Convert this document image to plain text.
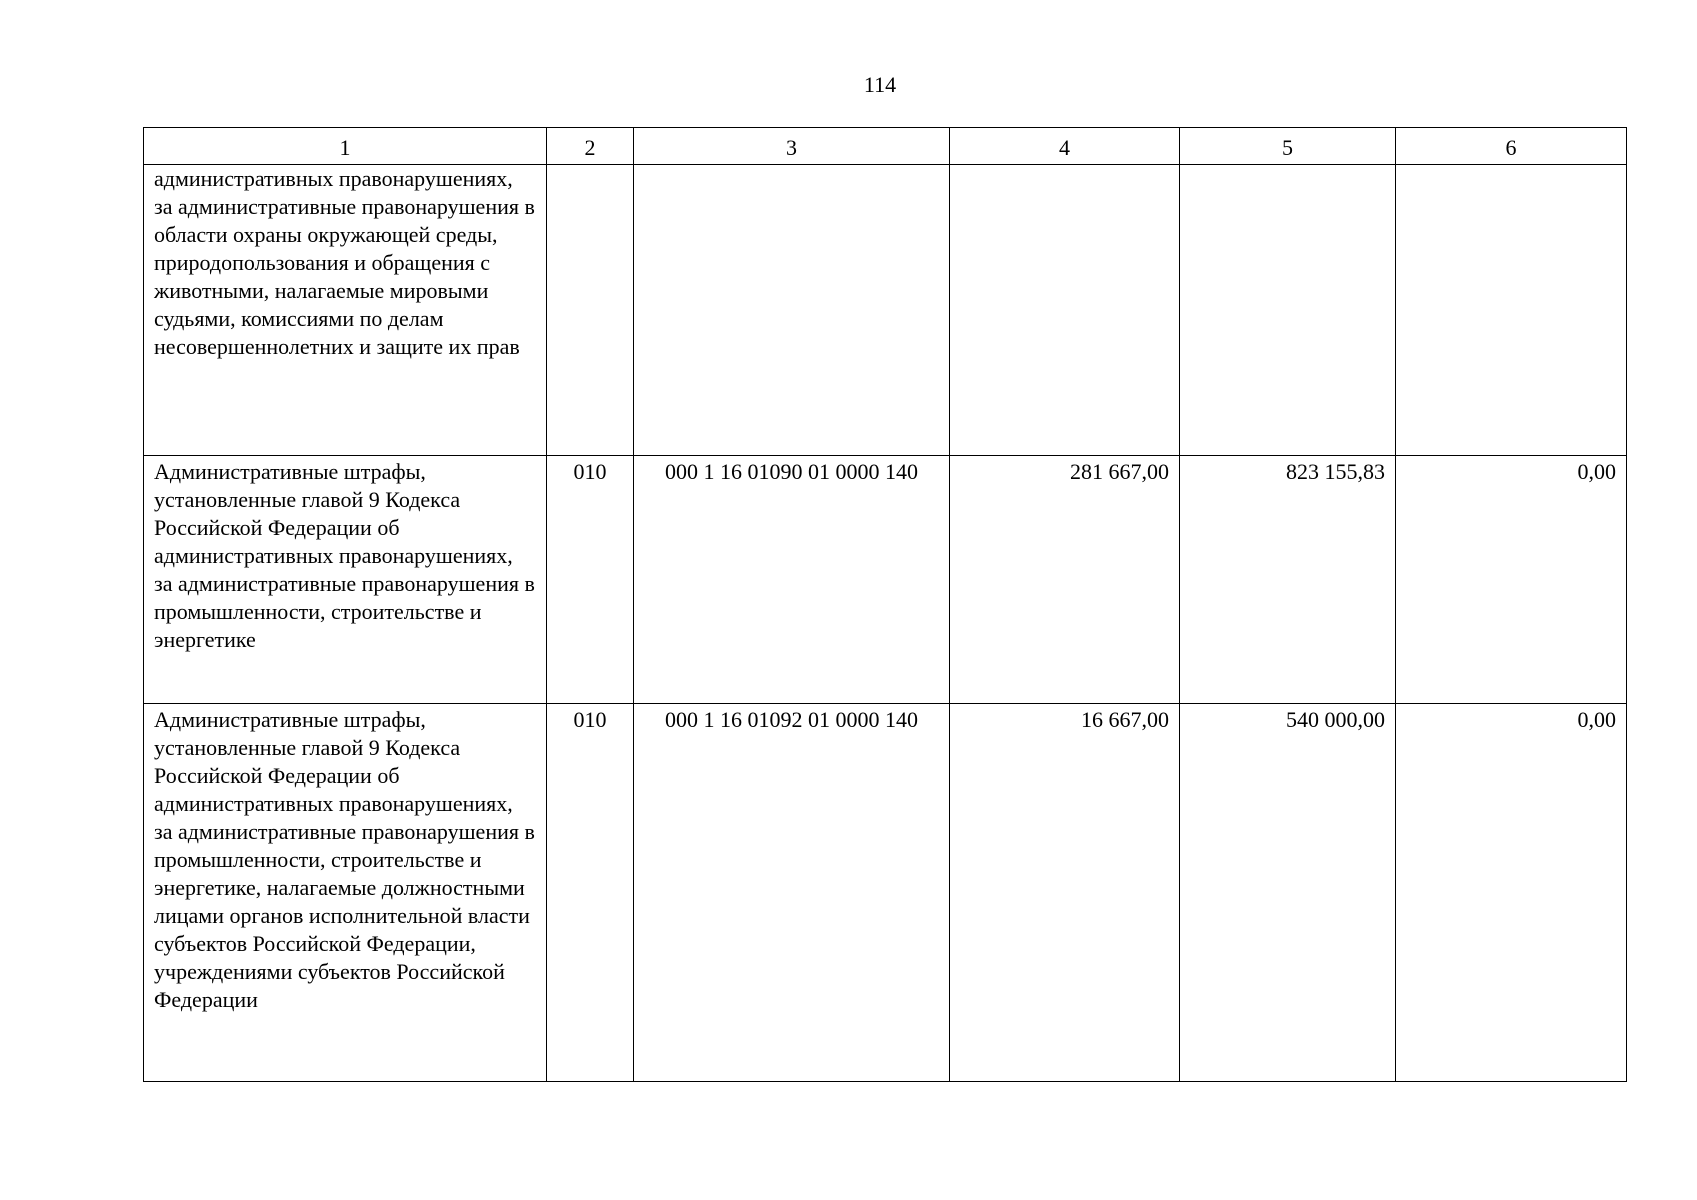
114
1	2	3	4	5	6
административных правонарушениях, за административные правонарушения в области охраны окружающей среды, природопользования и обращения с животными, налагаемые мировыми судьями, комиссиями по делам несовершеннолетних и защите их прав					
Административные штрафы, установленные главой 9 Кодекса Российской Федерации об административных правонарушениях, за административные правонарушения в промышленности, строительстве и энергетике	010	000 1 16 01090 01 0000 140	281 667,00	823 155,83	0,00
Административные штрафы, установленные главой 9 Кодекса Российской Федерации об административных правонарушениях, за административные правонарушения в промышленности, строительстве и энергетике, налагаемые должностными лицами органов исполнительной власти субъектов Российской Федерации, учреждениями субъектов Российской Федерации	010	000 1 16 01092 01 0000 140	16 667,00	540 000,00	0,00
